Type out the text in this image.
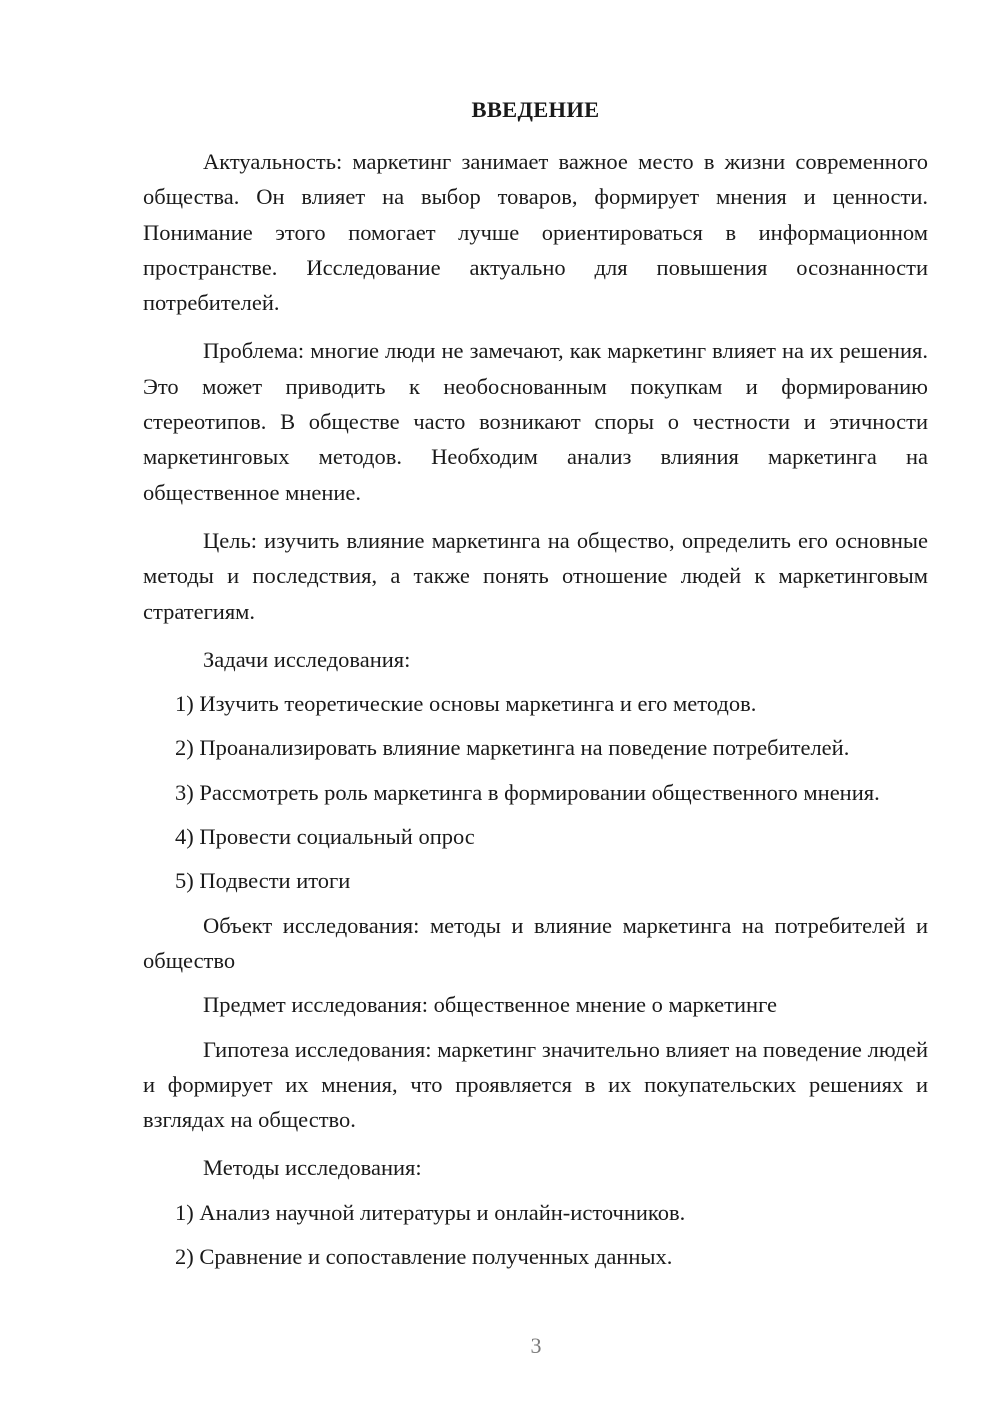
ВВЕДЕНИЕ

Актуальность: маркетинг занимает важное место в жизни современного общества. Он влияет на выбор товаров, формирует мнения и ценности. Понимание этого помогает лучше ориентироваться в информационном пространстве. Исследование актуально для повышения осознанности потребителей.

Проблема: многие люди не замечают, как маркетинг влияет на их решения. Это может приводить к необоснованным покупкам и формированию стереотипов. В обществе часто возникают споры о честности и этичности маркетинговых методов. Необходим анализ влияния маркетинга на общественное мнение.

Цель: изучить влияние маркетинга на общество, определить его основные методы и последствия, а также понять отношение людей к маркетинговым стратегиям.

Задачи исследования:

1) Изучить теоретические основы маркетинга и его методов.

2) Проанализировать влияние маркетинга на поведение потребителей.

3) Рассмотреть роль маркетинга в формировании общественного мнения.

4) Провести социальный опрос

5) Подвести итоги

Объект исследования: методы и влияние маркетинга на потребителей и общество

Предмет исследования: общественное мнение о маркетинге

Гипотеза исследования: маркетинг значительно влияет на поведение людей и формирует их мнения, что проявляется в их покупательских решениях и взглядах на общество.

Методы исследования:

1) Анализ научной литературы и онлайн-источников.

2) Сравнение и сопоставление полученных данных.

3
